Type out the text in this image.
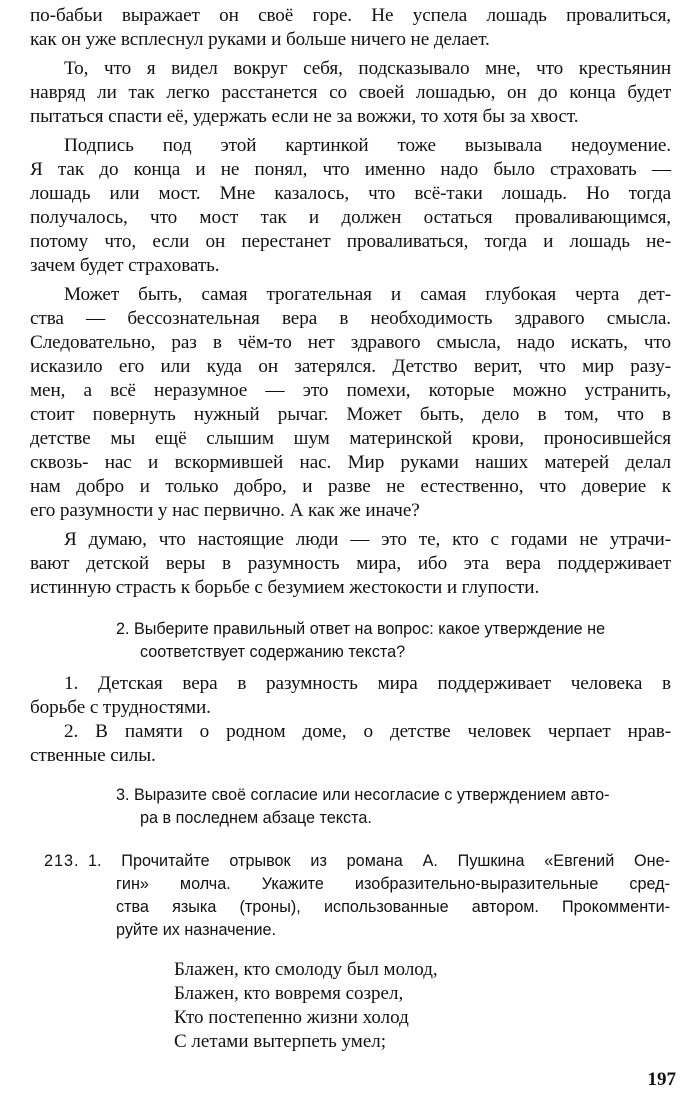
по-бабьи выражает он своё горе. Не успела лошадь провалиться,
как он уже всплеснул руками и больше ничего не делает.
То, что я видел вокруг себя, подсказывало мне, что крестьянин
навряд ли так легко расстанется со своей лошадью, он до конца будет
пытаться спасти её, удержать если не за вожжи, то хотя бы за хвост.
Подпись под этой картинкой тоже вызывала недоумение.
Я так до конца и не понял, что именно надо было страховать —
лошадь или мост. Мне казалось, что всё-таки лошадь. Но тогда
получалось, что мост так и должен остаться проваливающимся,
потому что, если он перестанет проваливаться, тогда и лошадь не-
зачем будет страховать.
Может быть, самая трогательная и самая глубокая черта дет-
ства — бессознательная вера в необходимость здравого смысла.
Следовательно, раз в чём-то нет здравого смысла, надо искать, что
исказило его или куда он затерялся. Детство верит, что мир разу-
мен, а всё неразумное — это помехи, которые можно устранить,
стоит повернуть нужный рычаг. Может быть, дело в том, что в
детстве мы ещё слышим шум материнской крови, проносившейся
сквозь- нас и вскормившей нас. Мир руками наших матерей делал
нам добро и только добро, и разве не естественно, что доверие к
его разумности у нас первично. А как же иначе?
Я думаю, что настоящие люди — это те, кто с годами не утрачи-
вают детской веры в разумность мира, ибо эта вера поддерживает
истинную страсть к борьбе с безумием жестокости и глупости.
2. Выберите правильный ответ на вопрос: какое утверждение не
соответствует содержанию текста?
1. Детская вера в разумность мира поддерживает человека в
борьбе с трудностями.
2. В памяти о родном доме, о детстве человек черпает нрав-
ственные силы.
3. Выразите своё согласие или несогласие с утверждением авто-
ра в последнем абзаце текста.
213. 1. Прочитайте отрывок из романа А. Пушкина «Евгений Оне-
гин» молча. Укажите изобразительно-выразительные сред-
ства языка (троны), использованные автором. Прокомменти-
руйте их назначение.
Блажен, кто смолоду был молод,
Блажен, кто вовремя созрел,
Кто постепенно жизни холод
С летами вытерпеть умел;
197
